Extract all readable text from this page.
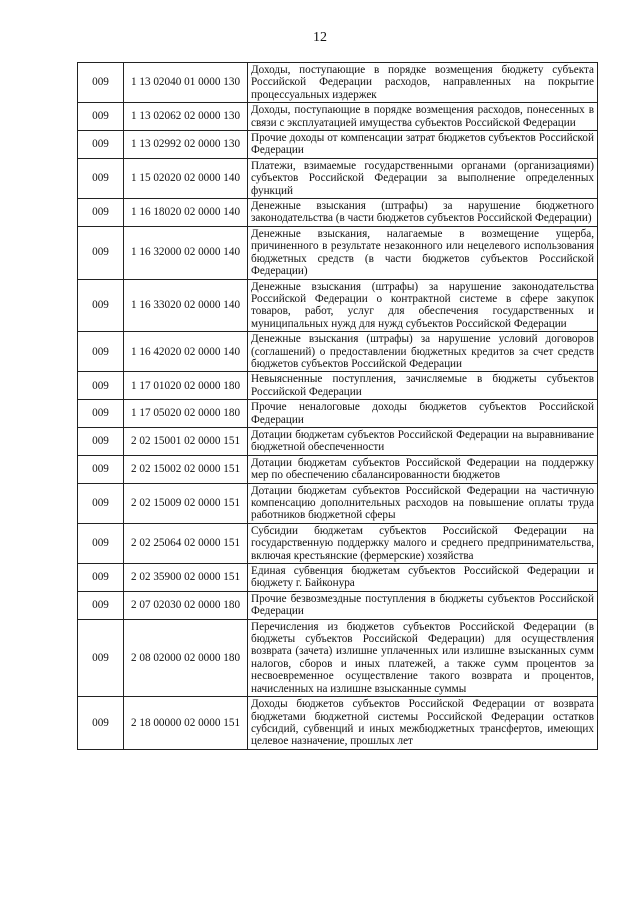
12
009	1 13 02040 01 0000 130	Доходы, поступающие в порядке возмещения бюджету субъекта Российской Федерации расходов, направленных на покрытие процессуальных издержек
009	1 13 02062 02 0000 130	Доходы, поступающие в порядке возмещения расходов, понесенных в связи с эксплуатацией имущества субъектов Российской Федерации
009	1 13 02992 02 0000 130	Прочие доходы от компенсации затрат бюджетов субъектов Российской Федерации
009	1 15 02020 02 0000 140	Платежи, взимаемые государственными органами (организациями) субъектов Российской Федерации за выполнение определенных функций
009	1 16 18020 02 0000 140	Денежные взыскания (штрафы) за нарушение бюджетного законодательства (в части бюджетов субъектов Российской Федерации)
009	1 16 32000 02 0000 140	Денежные взыскания, налагаемые в возмещение ущерба, причиненного в результате незаконного или нецелевого использования бюджетных средств (в части бюджетов субъектов Российской Федерации)
009	1 16 33020 02 0000 140	Денежные взыскания (штрафы) за нарушение законодательства Российской Федерации о контрактной системе в сфере закупок товаров, работ, услуг для обеспечения государственных и муниципальных нужд для нужд субъектов Российской Федерации
009	1 16 42020 02 0000 140	Денежные взыскания (штрафы) за нарушение условий договоров (соглашений) о предоставлении бюджетных кредитов за счет средств бюджетов субъектов Российской Федерации
009	1 17 01020 02 0000 180	Невыясненные поступления, зачисляемые в бюджеты субъектов Российской Федерации
009	1 17 05020 02 0000 180	Прочие неналоговые доходы бюджетов субъектов Российской Федерации
009	2 02 15001 02 0000 151	Дотации бюджетам субъектов Российской Федерации на выравнивание бюджетной обеспеченности
009	2 02 15002 02 0000 151	Дотации бюджетам субъектов Российской Федерации на поддержку мер по обеспечению сбалансированности бюджетов
009	2 02 15009 02 0000 151	Дотации бюджетам субъектов Российской Федерации на частичную компенсацию дополнительных расходов на повышение оплаты труда работников бюджетной сферы
009	2 02 25064 02 0000 151	Субсидии бюджетам субъектов Российской Федерации на государственную поддержку малого и среднего предпринимательства, включая крестьянские (фермерские) хозяйства
009	2 02 35900 02 0000 151	Единая субвенция бюджетам субъектов Российской Федерации и бюджету г. Байконура
009	2 07 02030 02 0000 180	Прочие безвозмездные поступления в бюджеты субъектов Российской Федерации
009	2 08 02000 02 0000 180	Перечисления из бюджетов субъектов Российской Федерации (в бюджеты субъектов Российской Федерации) для осуществления возврата (зачета) излишне уплаченных или излишне взысканных сумм налогов, сборов и иных платежей, а также сумм процентов за несвоевременное осуществление такого возврата и процентов, начисленных на излишне взысканные суммы
009	2 18 00000 02 0000 151	Доходы бюджетов субъектов Российской Федерации от возврата бюджетами бюджетной системы Российской Федерации остатков субсидий, субвенций и иных межбюджетных трансфертов, имеющих целевое назначение, прошлых лет
